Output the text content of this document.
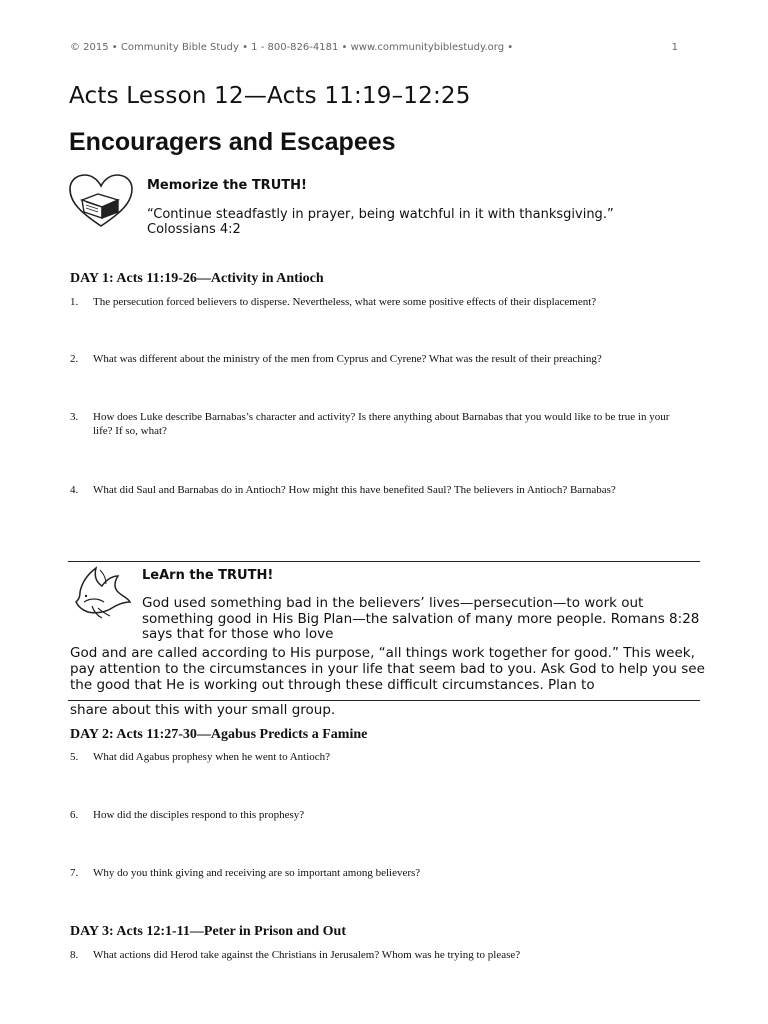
© 2015 • Community Bible Study • 1 - 800-826-4181 • www.communitybiblestudy.org •	1
Acts Lesson 12—Acts 11:19–12:25
Encouragers and Escapees
Memorize the TRUTH!
“Continue steadfastly in prayer, being watchful in it with thanksgiving.”
Colossians 4:2
DAY 1: Acts 11:19-26—Activity in Antioch
1.	The persecution forced believers to disperse. Nevertheless, what were some positive effects of their displacement?
2.	What was different about the ministry of the men from Cyprus and Cyrene? What was the result of their preaching?
3.	How does Luke describe Barnabas’s character and activity? Is there anything about Barnabas that you would like to be true in your life? If so, what?
4.	What did Saul and Barnabas do in Antioch? How might this have benefited Saul? The believers in Antioch? Barnabas?
LeArn the TRUTH!
God used something bad in the believers’ lives—persecution—to work out something good in His Big Plan—the salvation of many more people. Romans 8:28 says that for those who love
God and are called according to His purpose, “all things work together for good.” This week, pay attention to the circumstances in your life that seem bad to you. Ask God to help you see the good that He is working out through these difficult circumstances. Plan to
share about this with your small group.
DAY 2: Acts 11:27-30—Agabus Predicts a Famine
5.	What did Agabus prophesy when he went to Antioch?
6.	How did the disciples respond to this prophesy?
7.	Why do you think giving and receiving are so important among believers?
DAY 3: Acts 12:1-11—Peter in Prison and Out
8.	What actions did Herod take against the Christians in Jerusalem? Whom was he trying to please?
